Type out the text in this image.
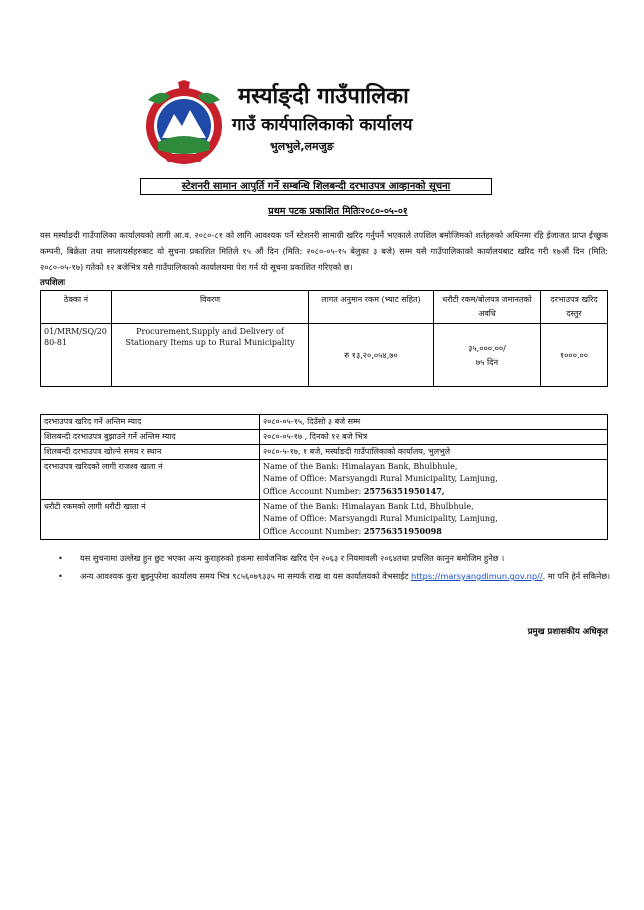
मर्स्याङ्दी गाउँपालिका
गाउँ कार्यपालिकाको कार्यालय
भुलभुले,लमजुङ
स्टेशनरी सामान आपुर्ति गर्ने सम्बन्धि शिलबन्दी दरभाउपत्र आव्हानको सूचना
प्रथम पटक प्रकाशित मितिः२०८०-०५-०१
यस मर्स्याङदी गाउँपालिका कार्यालयको लागी आ.व. २०८०-८१ को लागि आवश्यक पर्ने स्टेशनरी सामाग्री खरिद गर्नुपर्ने भएकाले तपशिल बमोजिमको शर्तहरुको अधिनमा रहि ईजाजत प्राप्त ईच्छुक कम्पनी, बिक्रेता तथा सप्लायर्सहरुबाट यो सुचना प्रकाशित मितिले १५ औं दिन (मिति: २०८०-०५-१५ बेलुका ३ बजे) सम्म यसै गाउँपालिकाको कार्यालयबाट खरिद गरी १७औं दिन (मिति: २०८०-०५-१७) गतेको १२ बजेभित्र यसै गाउँपालिकाको कार्यालयमा पेश गर्न यो सूचना प्रकाशित गरिएको छ।
तपशिलः
ठेक्का नं	विवरण	लागत अनुमान रकम (भ्याट सहित)	धरौटी रकम/बोलपत्र जमानतको अवधि	दरभाउपत्र खरिद दस्तुर
01/MRM/SQ/2080-81	Procurement,Supply and Delivery of Stationary Items up to Rural Municipality	रु १३,२०,०५४,७०	३५,०००.००/
७५ दिन	१०००.००
दरभाउपत्र खरिद गर्ने अन्तिम म्याद	२०८०-०५-१५, दिउँसो ३ बजे सम्म
शिलबन्दी दरभाउपत्र बुझाउने गर्ने अन्तिम म्याद	२०८०-०५-१७ , दिनको १२ बजे भित्र
शिलबन्दी दरभाउपत्र खोल्ने समय र स्थान	२०८०-५-१७, १ बजे, मर्स्याङदी गाउँपालिकाको कार्यालय, भुलभुले
दरभाउपत्र खरिदको लागी राजश्व खाता नं	Name of the Bank: Himalayan Bank, Bhulbhule,
Name of Office: Marsyangdi Rural Municipality, Lamjung,
Office Account Number: 25756351950147,

धरौटी रकमको लागी धरौटी खाता नं	Name of the Bank: Himalayan Bank Ltd, Bhulbhule,
Name of Office: Marsyangdi Rural Municipality, Lamjung,
Office Account Number: 25756351950098
• यस सुचनामा उल्लेख हुन छुट भएका अन्य कुराहरुको हकमा सार्वजनिक खरिद ऐन २०६३ र नियमावली २०६४तथा प्रचलित कानुन बमोजिम हुनेछ ।
• अन्य आवश्यक कुरा बुझ्नुपरेमा कार्यालय समय भित्र ९८५६०७९३३५ मा सम्पर्क राख वा यस कार्यालयको वेभसाईट https://marsyangdimun.gov.np//. मा पनि हेर्न सकिनेछ।
प्रमुख प्रशासकीय अधिकृत
